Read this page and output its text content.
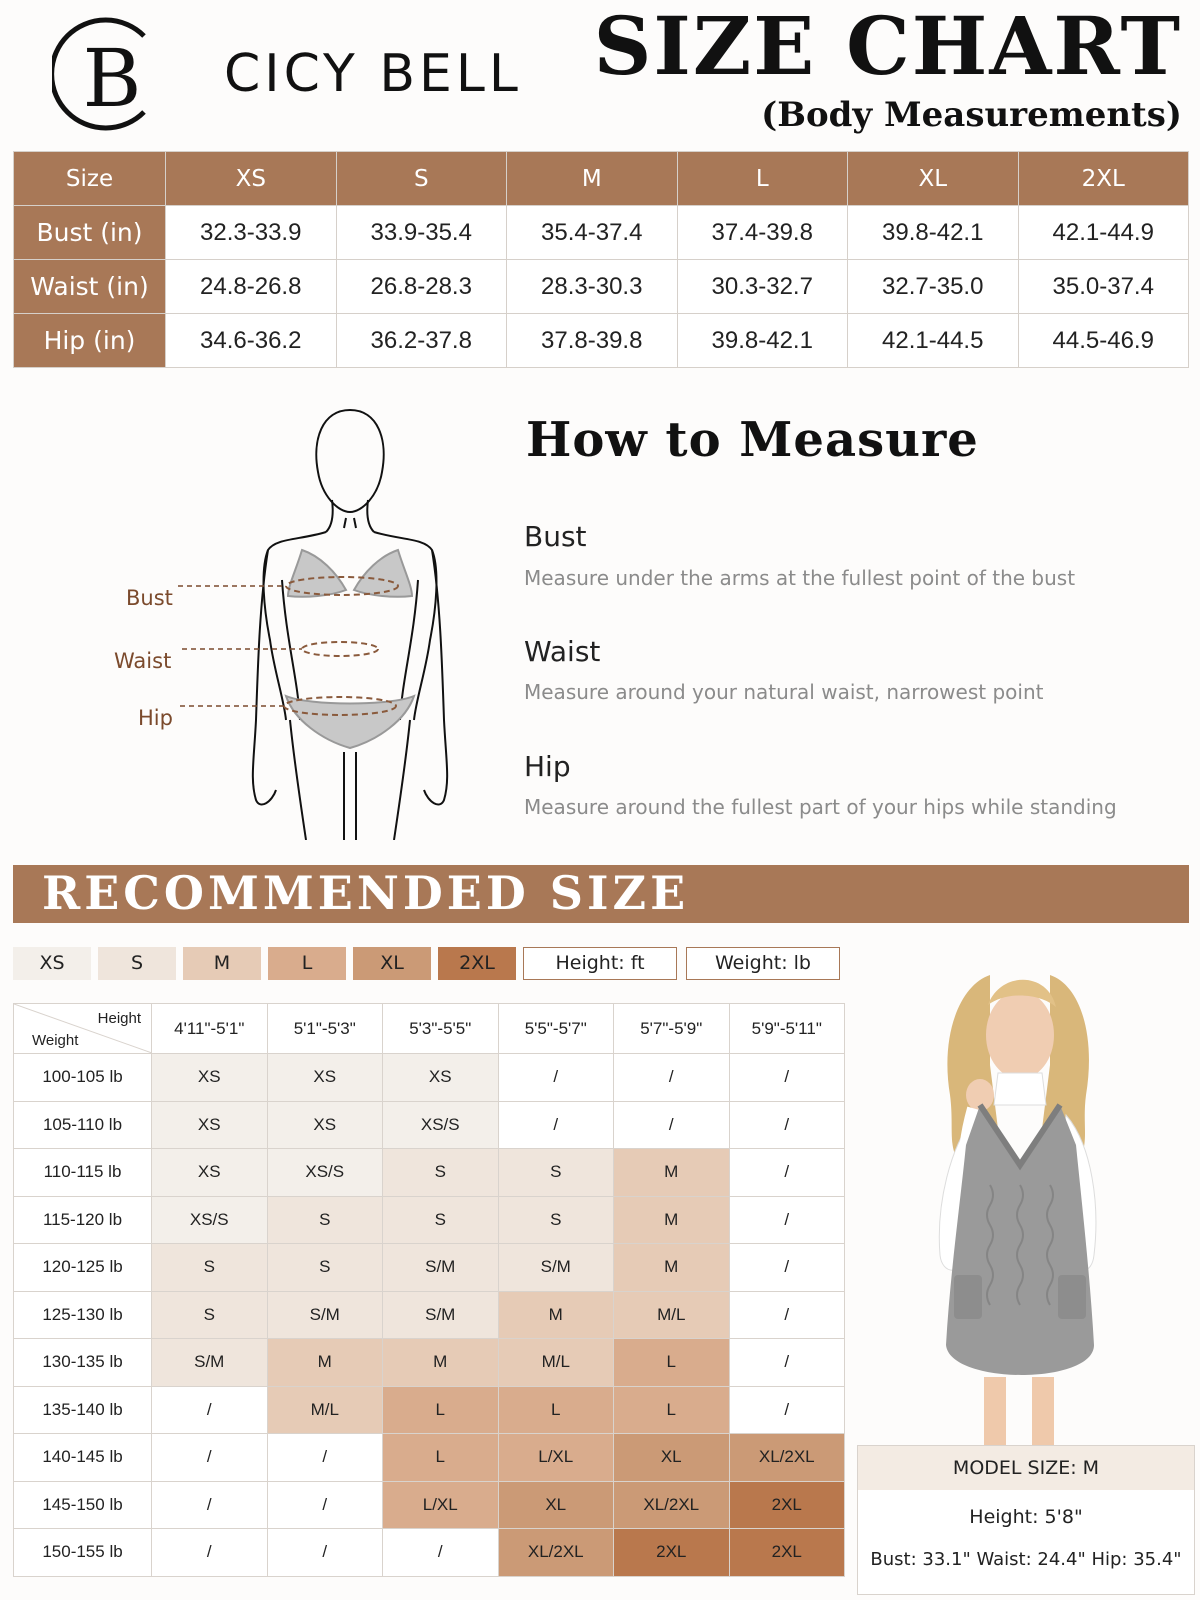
B CICY BELL SIZE CHART
(Body Measurements)
Size	XS	S	M	L	XL	2XL
Bust (in)	32.3-33.9	33.9-35.4	35.4-37.4	37.4-39.8	39.8-42.1	42.1-44.9
Waist (in)	24.8-26.8	26.8-28.3	28.3-30.3	30.3-32.7	32.7-35.0	35.0-37.4
Hip (in)	34.6-36.2	36.2-37.8	37.8-39.8	39.8-42.1	42.1-44.5	44.5-46.9
Bust
Waist
Hip
How to Measure
Bust
Measure under the arms at the fullest point of the bust
Waist
Measure around your natural waist, narrowest point
Hip
Measure around the fullest part of your hips while standing
RECOMMENDED SIZE
XS	S	M	L	XL	2XL	Height: ft	Weight: lb
Height
Weight	4'11"-5'1"	5'1"-5'3"	5'3"-5'5"	5'5"-5'7"	5'7"-5'9"	5'9"-5'11"
100-105 lb	XS	XS	XS	/	/	/
105-110 lb	XS	XS	XS/S	/	/	/
110-115 lb	XS	XS/S	S	S	M	/
115-120 lb	XS/S	S	S	S	M	/
120-125 lb	S	S	S/M	S/M	M	/
125-130 lb	S	S/M	S/M	M	M/L	/
130-135 lb	S/M	M	M	M/L	L	/
135-140 lb	/	M/L	L	L	L	/
140-145 lb	/	/	L	L/XL	XL	XL/2XL
145-150 lb	/	/	L/XL	XL	XL/2XL	2XL
150-155 lb	/	/	/	XL/2XL	2XL	2XL
MODEL SIZE: M
Height: 5'8"
Bust: 33.1" Waist: 24.4" Hip: 35.4"
